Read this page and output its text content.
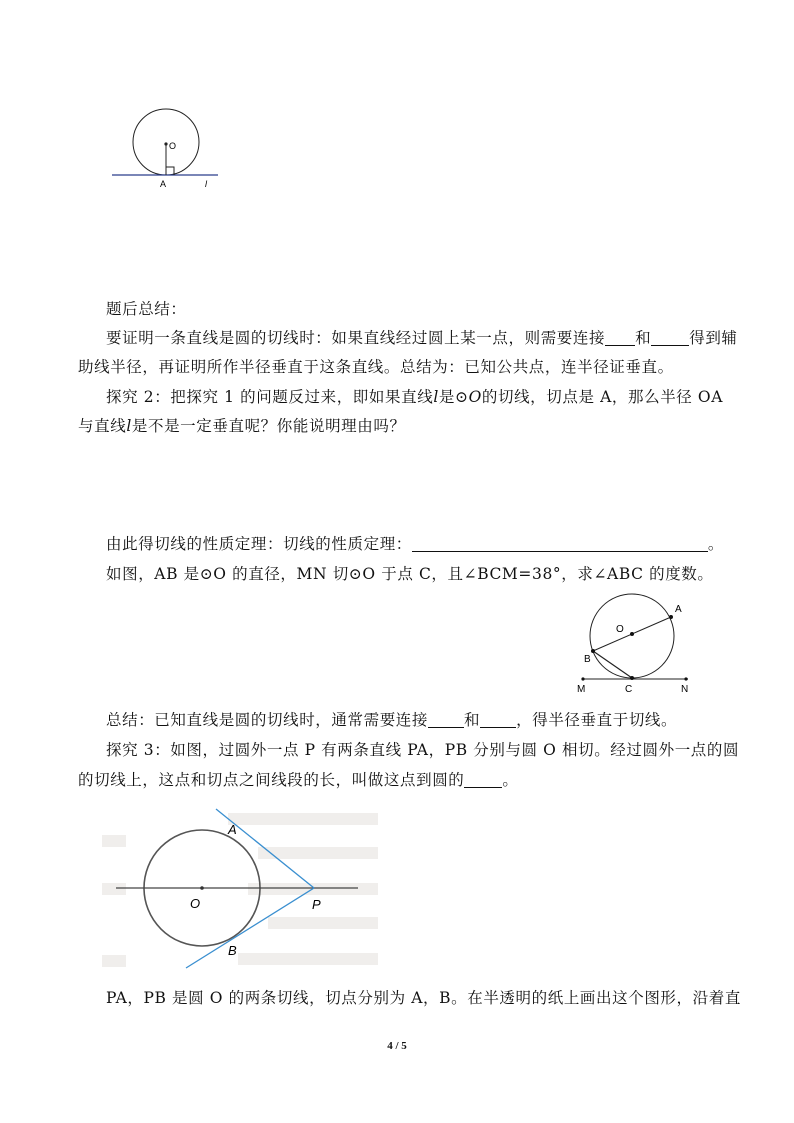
O
A	l
题后总结：
要证明一条直线是圆的切线时：如果直线经过圆上某一点，则需要连接 和 得到辅
助线半径，再证明所作半径垂直于这条直线。总结为：已知公共点，连半径证垂直。
探究 2：把探究 1 的问题反过来，即如果直线l是⊙O的切线，切点是 A，那么半径 OA
与直线l是不是一定垂直呢？你能说明理由吗？
由此得切线的性质定理：切线的性质定理：	。
如图，AB 是⊙O 的直径，MN 切⊙O 于点 C，且∠BCM=38°，求∠ABC 的度数。
A
O
B
M	C	N
总结：已知直线是圆的切线时，通常需要连接 和 ，得半径垂直于切线。
探究 3：如图，过圆外一点 P 有两条直线 PA，PB 分别与圆 O 相切。经过圆外一点的圆
的切线上，这点和切点之间线段的长，叫做这点到圆的 。
A
O	P
B
PA，PB 是圆 O 的两条切线，切点分别为 A，B。在半透明的纸上画出这个图形，沿着直
4 / 5
